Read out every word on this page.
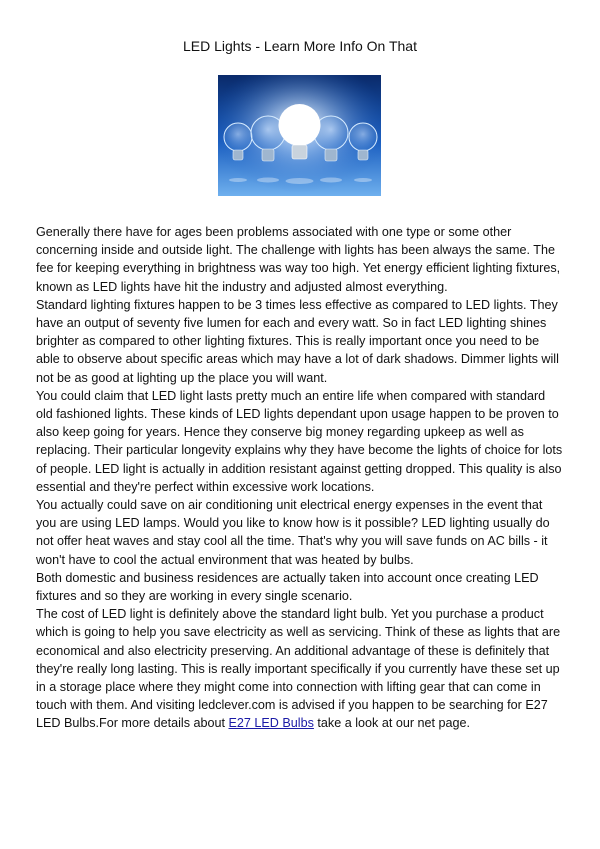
LED Lights - Learn More Info On That

Generally there have for ages been problems associated with one type or some other concerning inside and outside light. The challenge with lights has been always the same. The fee for keeping everything in brightness was way too high. Yet energy efficient lighting fixtures, known as LED lights have hit the industry and adjusted almost everything.

Standard lighting fixtures happen to be 3 times less effective as compared to LED lights. They have an output of seventy five lumen for each and every watt. So in fact LED lighting shines brighter as compared to other lighting fixtures. This is really important once you need to be able to observe about specific areas which may have a lot of dark shadows. Dimmer lights will not be as good at lighting up the place you will want.

You could claim that LED light lasts pretty much an entire life when compared with standard old fashioned lights. These kinds of LED lights dependant upon usage happen to be proven to also keep going for years. Hence they conserve big money regarding upkeep as well as replacing. Their particular longevity explains why they have become the lights of choice for lots of people. LED light is actually in addition resistant against getting dropped. This quality is also essential and they're perfect within excessive work locations.

You actually could save on air conditioning unit electrical energy expenses in the event that you are using LED lamps. Would you like to know how is it possible? LED lighting usually do not offer heat waves and stay cool all the time. That's why you will save funds on AC bills - it won't have to cool the actual environment that was heated by bulbs.

Both domestic and business residences are actually taken into account once creating LED fixtures and so they are working in every single scenario.

The cost of LED light is definitely above the standard light bulb. Yet you purchase a product which is going to help you save electricity as well as servicing. Think of these as lights that are economical and also electricity preserving. An additional advantage of these is definitely that they're really long lasting. This is really important specifically if you currently have these set up in a storage place where they might come into connection with lifting gear that can come in touch with them. And visiting ledclever.com is advised if you happen to be searching for E27 LED Bulbs.For more details about E27 LED Bulbs take a look at our net page.
